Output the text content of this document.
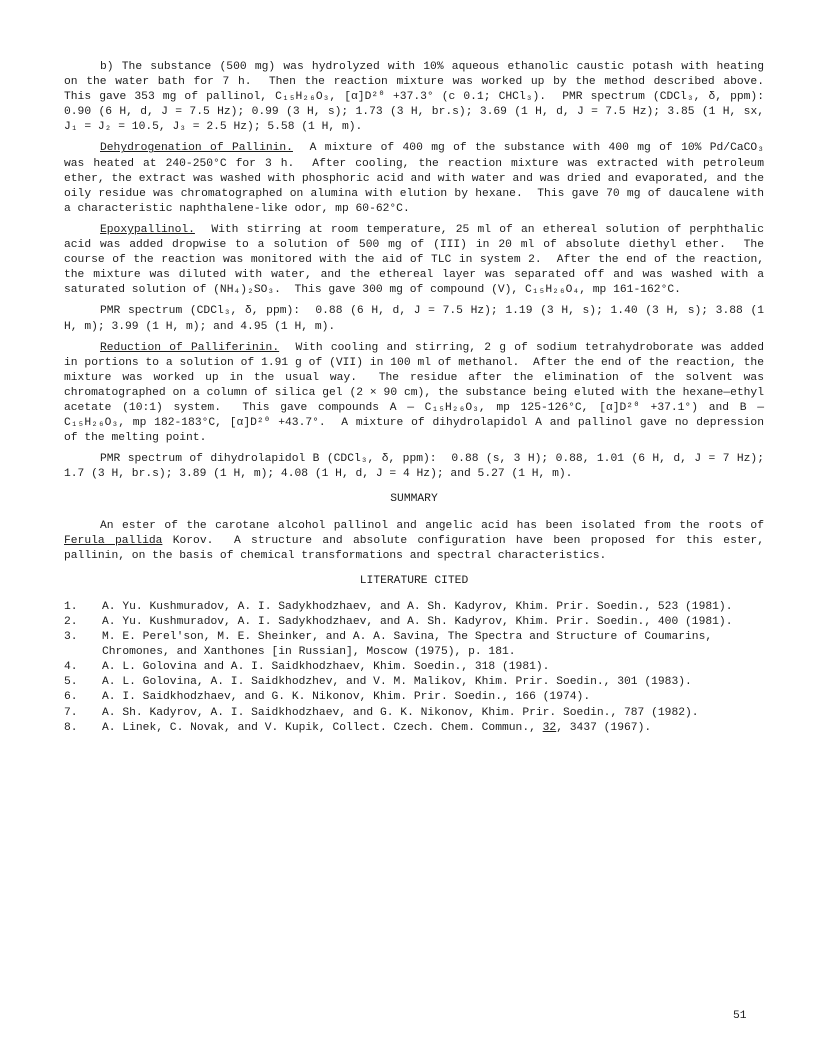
b) The substance (500 mg) was hydrolyzed with 10% aqueous ethanolic caustic potash with heating on the water bath for 7 h.  Then the reaction mixture was worked up by the method described above.  This gave 353 mg of pallinol, C₁₅H₂₆O₃, [α]D²⁰ +37.3° (c 0.1; CHCl₃).  PMR spectrum (CDCl₃, δ, ppm):  0.90 (6 H, d, J = 7.5 Hz); 0.99 (3 H, s); 1.73 (3 H, br.s); 3.69 (1 H, d, J = 7.5 Hz); 3.85 (1 H, sx, J₁ = J₂ = 10.5, J₃ = 2.5 Hz); 5.58 (1 H, m).

Dehydrogenation of Pallinin.  A mixture of 400 mg of the substance with 400 mg of 10% Pd/CaCO₃ was heated at 240-250°C for 3 h.  After cooling, the reaction mixture was extracted with petroleum ether, the extract was washed with phosphoric acid and with water and was dried and evaporated, and the oily residue was chromatographed on alumina with elution by hexane.  This gave 70 mg of daucalene with a characteristic naphthalene-like odor, mp 60-62°C.

Epoxypallinol.  With stirring at room temperature, 25 ml of an ethereal solution of perphthalic acid was added dropwise to a solution of 500 mg of (III) in 20 ml of absolute diethyl ether.  The course of the reaction was monitored with the aid of TLC in system 2.  After the end of the reaction, the mixture was diluted with water, and the ethereal layer was separated off and was washed with a saturated solution of (NH₄)₂SO₃.  This gave 300 mg of compound (V), C₁₅H₂₆O₄, mp 161-162°C.

PMR spectrum (CDCl₃, δ, ppm):  0.88 (6 H, d, J = 7.5 Hz); 1.19 (3 H, s); 1.40 (3 H, s); 3.88 (1 H, m); 3.99 (1 H, m); and 4.95 (1 H, m).

Reduction of Palliferinin.  With cooling and stirring, 2 g of sodium tetrahydroborate was added in portions to a solution of 1.91 g of (VII) in 100 ml of methanol.  After the end of the reaction, the mixture was worked up in the usual way.  The residue after the elimination of the solvent was chromatographed on a column of silica gel (2 × 90 cm), the substance being eluted with the hexane—ethyl acetate (10:1) system.  This gave compounds A — C₁₅H₂₆O₃, mp 125-126°C, [α]D²⁰ +37.1°) and B — C₁₅H₂₆O₃, mp 182-183°C, [α]D²⁰ +43.7°.  A mixture of dihydrolapidol A and pallinol gave no depression of the melting point.

PMR spectrum of dihydrolapidol B (CDCl₃, δ, ppm):  0.88 (s, 3 H); 0.88, 1.01 (6 H, d, J = 7 Hz); 1.7 (3 H, br.s); 3.89 (1 H, m); 4.08 (1 H, d, J = 4 Hz); and 5.27 (1 H, m).

SUMMARY

An ester of the carotane alcohol pallinol and angelic acid has been isolated from the roots of Ferula pallida Korov.  A structure and absolute configuration have been proposed for this ester, pallinin, on the basis of chemical transformations and spectral characteristics.

LITERATURE CITED

1.	A. Yu. Kushmuradov, A. I. Sadykhodzhaev, and A. Sh. Kadyrov, Khim. Prir. Soedin., 523 (1981).
2.	A. Yu. Kushmuradov, A. I. Sadykhodzhaev, and A. Sh. Kadyrov, Khim. Prir. Soedin., 400 (1981).
3.	M. E. Perel'son, M. E. Sheinker, and A. A. Savina, The Spectra and Structure of Coumarins, Chromones, and Xanthones [in Russian], Moscow (1975), p. 181.
4.	A. L. Golovina and A. I. Saidkhodzhaev, Khim. Soedin., 318 (1981).
5.	A. L. Golovina, A. I. Saidkhodzhev, and V. M. Malikov, Khim. Prir. Soedin., 301 (1983).
6.	A. I. Saidkhodzhaev, and G. K. Nikonov, Khim. Prir. Soedin., 166 (1974).
7.	A. Sh. Kadyrov, A. I. Saidkhodzhaev, and G. K. Nikonov, Khim. Prir. Soedin., 787 (1982).
8.	A. Linek, C. Novak, and V. Kupik, Collect. Czech. Chem. Commun., 32, 3437 (1967).
51
